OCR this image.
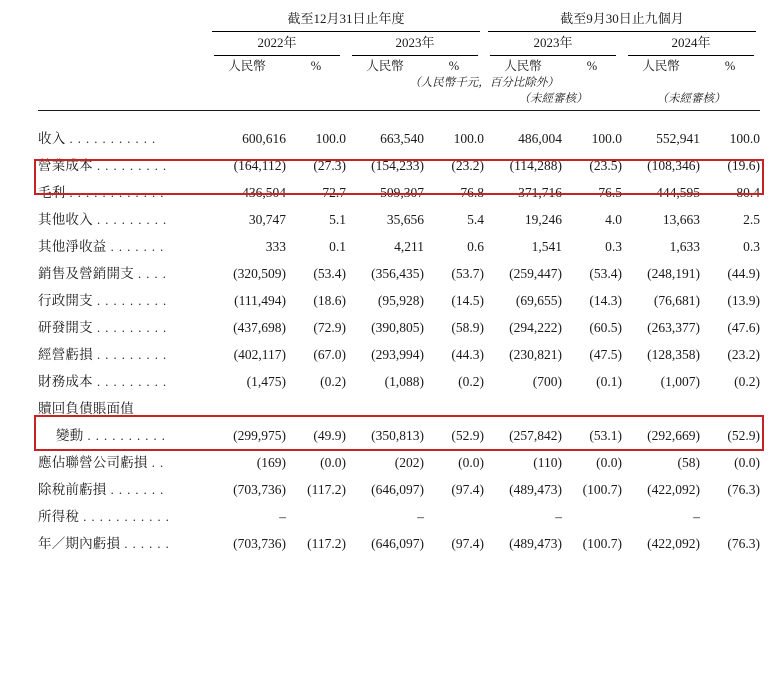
	截至12月31日止年度				截至9月30日止九個月			

	2022年		2023年		2023年		2024年	

	人民幣	%	人民幣	%	人民幣	%	人民幣	%
	（人民幣千元，百分比除外）							
					（未經審核）		（未經審核）	

收入 . . . . . . . . . . .	600,616	100.0	663,540	100.0	486,004	100.0	552,941	100.0
營業成本 . . . . . . . . .	(164,112)	(27.3)	(154,233)	(23.2)	(114,288)	(23.5)	(108,346)	(19.6)
毛利 . . . . . . . . . . . .	436,504	72.7	509,307	76.8	371,716	76.5	444,595	80.4
其他收入 . . . . . . . . .	30,747	5.1	35,656	5.4	19,246	4.0	13,663	2.5
其他淨收益 . . . . . . .	333	0.1	4,211	0.6	1,541	0.3	1,633	0.3
銷售及營銷開支 . . . .	(320,509)	(53.4)	(356,435)	(53.7)	(259,447)	(53.4)	(248,191)	(44.9)
行政開支 . . . . . . . . .	(111,494)	(18.6)	(95,928)	(14.5)	(69,655)	(14.3)	(76,681)	(13.9)
研發開支 . . . . . . . . .	(437,698)	(72.9)	(390,805)	(58.9)	(294,222)	(60.5)	(263,377)	(47.6)
經營虧損 . . . . . . . . .	(402,117)	(67.0)	(293,994)	(44.3)	(230,821)	(47.5)	(128,358)	(23.2)
財務成本 . . . . . . . . .	(1,475)	(0.2)	(1,088)	(0.2)	(700)	(0.1)	(1,007)	(0.2)
贖回負債賬面值								
變動 . . . . . . . . . .	(299,975)	(49.9)	(350,813)	(52.9)	(257,842)	(53.1)	(292,669)	(52.9)
應佔聯營公司虧損 . .	(169)	(0.0)	(202)	(0.0)	(110)	(0.0)	(58)	(0.0)
除稅前虧損 . . . . . . .	(703,736)	(117.2)	(646,097)	(97.4)	(489,473)	(100.7)	(422,092)	(76.3)
所得稅 . . . . . . . . . . .	–		–		–		–	
年／期內虧損 . . . . . .	(703,736)	(117.2)	(646,097)	(97.4)	(489,473)	(100.7)	(422,092)	(76.3)
